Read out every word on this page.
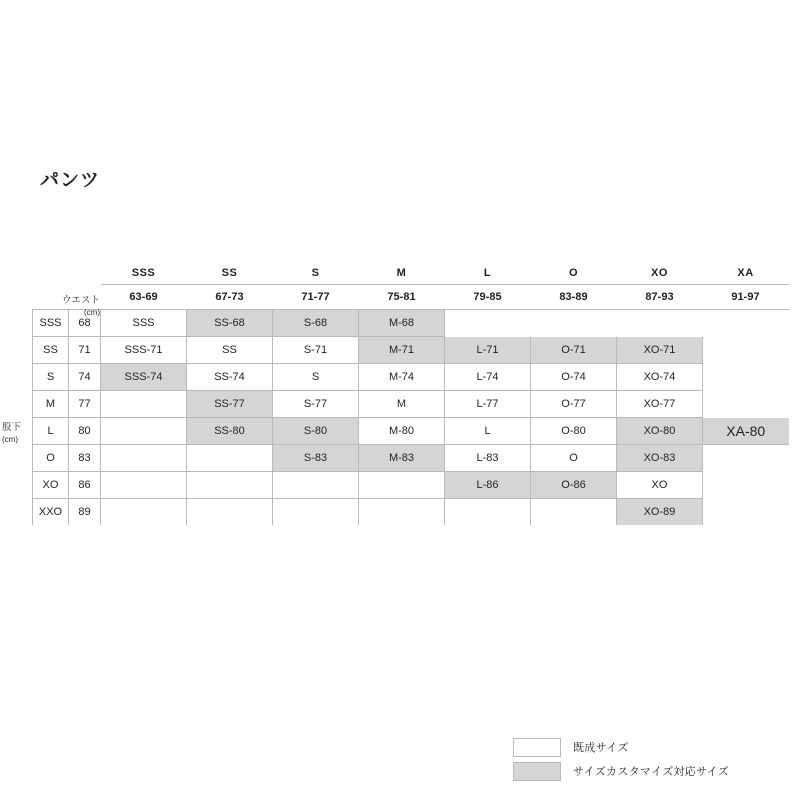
パンツ
ウエスト
(cm)
股下
(cm)
		SSS	SS	S	M	L	O	XO	XA
		63-69	67-73	71-77	75-81	79-85	83-89	87-93	91-97
SSS	68	SSS	SS-68	S-68	M-68				
SS	71	SSS-71	SS	S-71	M-71	L-71	O-71	XO-71	
S	74	SSS-74	SS-74	S	M-74	L-74	O-74	XO-74	
M	77		SS-77	S-77	M	L-77	O-77	XO-77	
L	80		SS-80	S-80	M-80	L	O-80	XO-80	XA-80
O	83			S-83	M-83	L-83	O	XO-83	
XO	86					L-86	O-86	XO	
XXO	89							XO-89	
既成サイズ
サイズカスタマイズ対応サイズ
